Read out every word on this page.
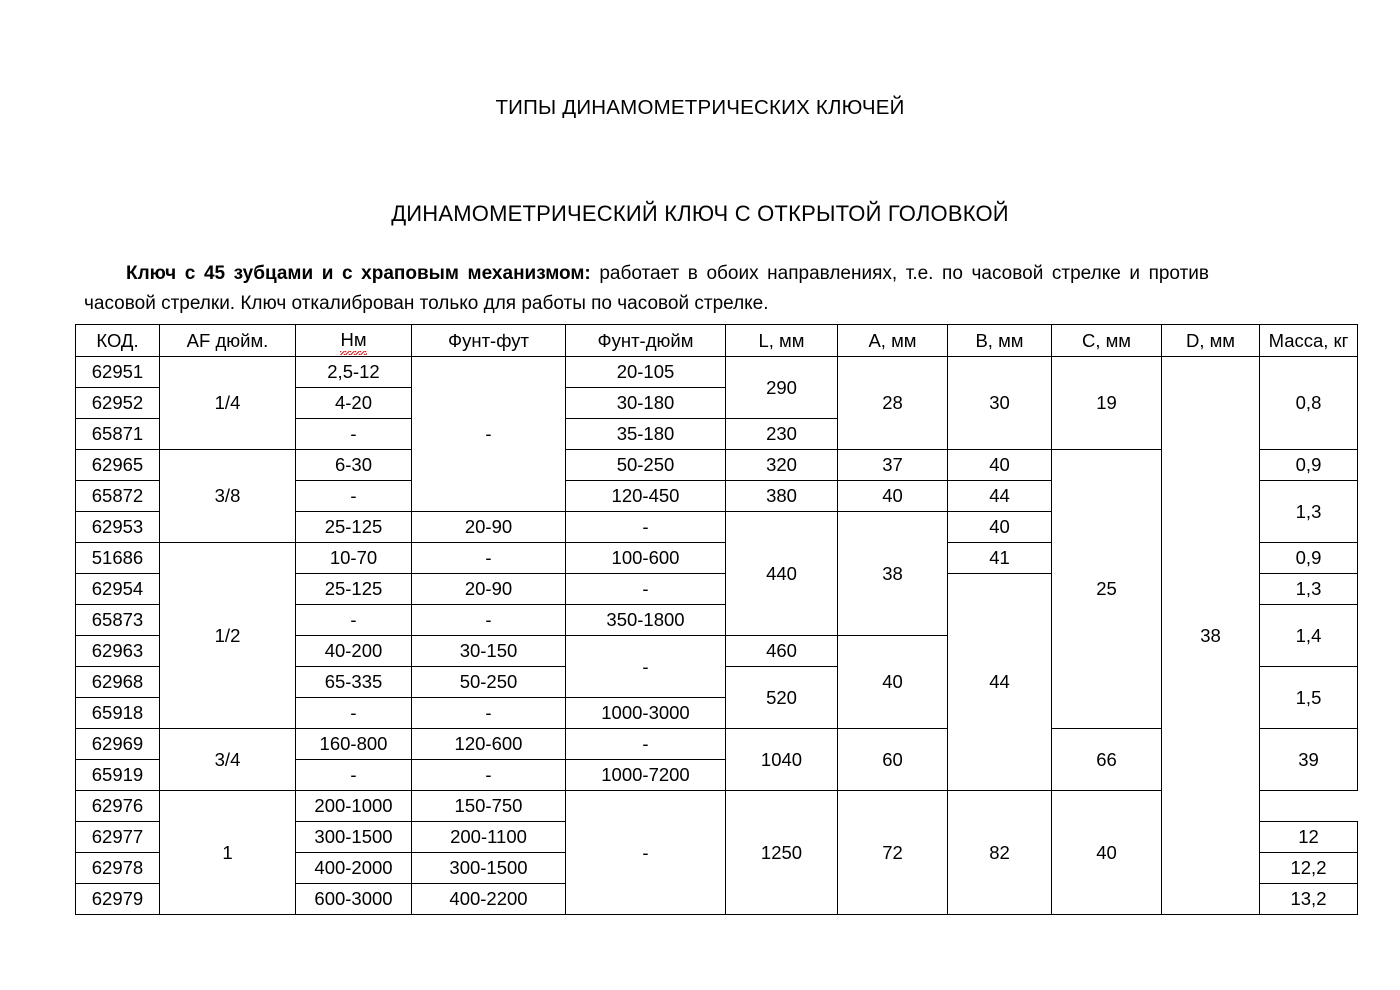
ТИПЫ ДИНАМОМЕТРИЧЕСКИХ КЛЮЧЕЙ
ДИНАМОМЕТРИЧЕСКИЙ КЛЮЧ С ОТКРЫТОЙ ГОЛОВКОЙ

Ключ с 45 зубцами и с храповым механизмом: работает в обоих направлениях, т.е. по часовой стрелке и против часовой стрелки. Ключ откалиброван только для работы по часовой стрелке.

КОД.	AF дюйм.	Нм	Фунт-фут	Фунт-дюйм	L, мм	A, мм	B, мм	C, мм	D, мм	Масса, кг	
62951	1/4	2,5-12	-	20-105	290	28	30	19	38	0,8	
62952		4-20		30-180							
65871		-		35-180	230						
62965	3/8	6-30		50-250	320	37	40	25		0,9	
65872		-		120-450	380	40	44			1,3	
62953		25-125	20-90	-	440	38	40				
51686	1/2	10-70	-	100-600			41			0,9	
62954		25-125	20-90	-			44			1,3	
65873		-	-	350-1800						1,4	
62963		40-200	30-150	-	460	40					
62968		65-335	50-250		520					1,5	
65918		-	-	1000-3000							
62969	3/4	160-800	120-600	-	1040	60		66		39	
65919		-	-	1000-7200							
62976	1	200-1000	150-750	-	1250	72	82	40			
62977		300-1500	200-1100							12	
62978		400-2000	300-1500							12,2	
62979		600-3000	400-2200							13,2	
